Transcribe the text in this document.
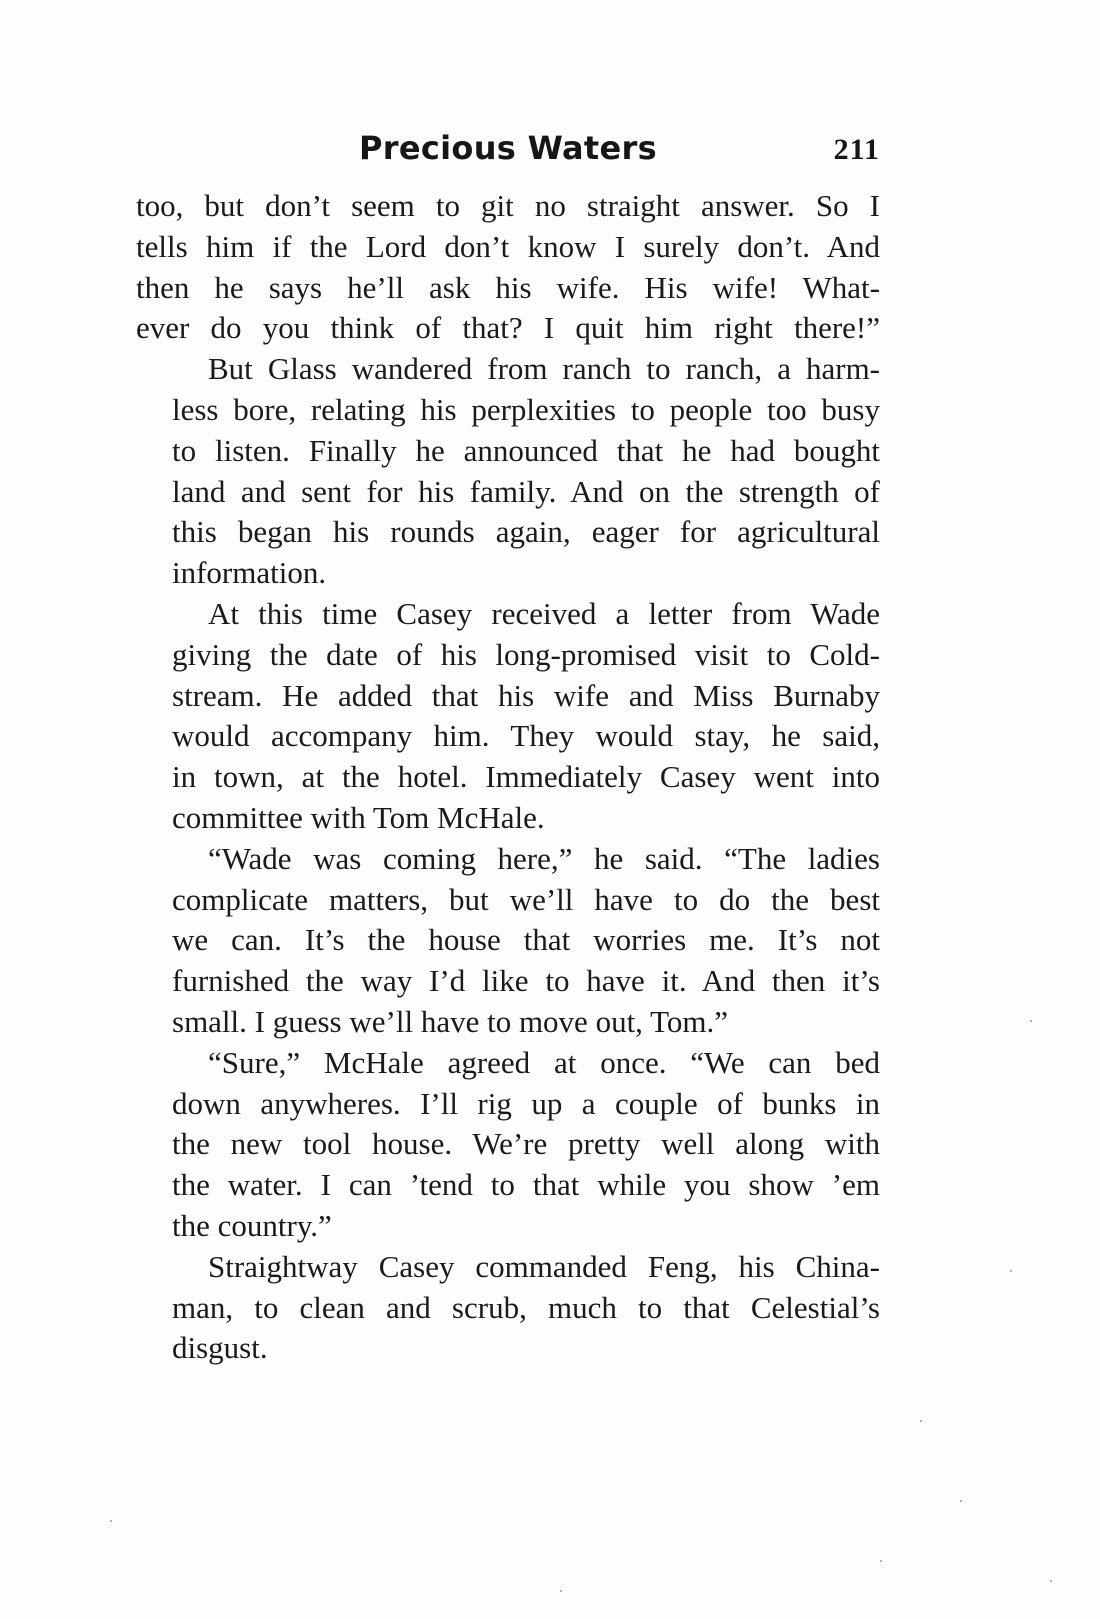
Precious Waters	211

too, but don’t seem to git no straight answer. So I
tells him if the Lord don’t know I surely don’t. And
then he says he’ll ask his wife. His wife! What-
ever do you think of that? I quit him right there!”

But Glass wandered from ranch to ranch, a harm-
less bore, relating his perplexities to people too busy
to listen. Finally he announced that he had bought
land and sent for his family. And on the strength of
this began his rounds again, eager for agricultural
information.

At this time Casey received a letter from Wade
giving the date of his long-promised visit to Cold-
stream. He added that his wife and Miss Burnaby
would accompany him. They would stay, he said,
in town, at the hotel. Immediately Casey went into
committee with Tom McHale.

“Wade was coming here,” he said. “The ladies
complicate matters, but we’ll have to do the best
we can. It’s the house that worries me. It’s not
furnished the way I’d like to have it. And then it’s
small. I guess we’ll have to move out, Tom.”

“Sure,” McHale agreed at once. “We can bed
down anywheres. I’ll rig up a couple of bunks in
the new tool house. We’re pretty well along with
the water. I can ’tend to that while you show ’em
the country.”

Straightway Casey commanded Feng, his China-
man, to clean and scrub, much to that Celestial’s
disgust.
